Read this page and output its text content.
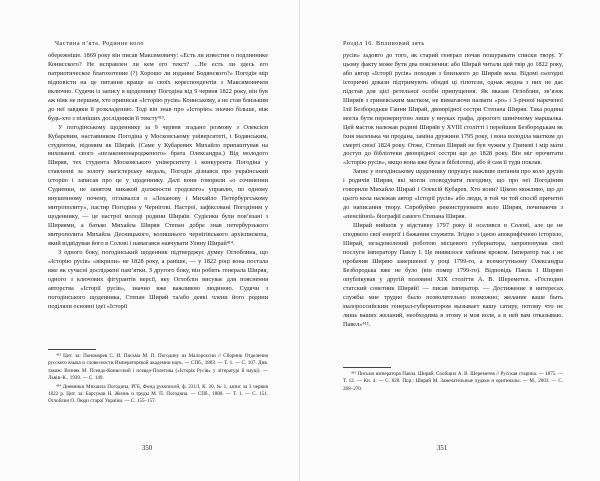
Частина п’ята. Родинне коло

обережніше. 1869 року він писав Максимовичу: «Есть ли известия о подлинникe Кониcского? Не исправлен ли кем его текст? ...Не есть ли здесь его патриотическое благохотение (?) Хорошо ли издание Бодянского?» Погодін мір відповісти на це питання краще за своїх кореспондентів з Максимовичем включно. Судячи із запису в щоденнику Погодіна від 9 червня 1822 року, він був аж ніяк не першим, хто приписав «Історію русів» Кониському, а не став близьким до неї завдяки її розкладенню. Тоді він знав про «Історію» значно більше, ніж будь-хто з пізніших дослідників її тексту⁴¹³.

У погодінському щоденнику за 9 червня згадано розмову з Олексієм Кубаревим, наставником Погодіна у Московському університеті, і Бодянським, студентом, відомим як Ширяй. (Саме у Кубаревих Михайло припаштував на вихованні свого «незаконнонародженого» брата Олександра.) Від молодого Ширяя, тех студента Московського університету і конкурента Погодіна у ставленні за золоту магістерську медаль, Погодін дізнався про український історію і записав про це у щоденнику. Далі вони говорили «о сочинении Судиенки, не занятом никакой должности гродского» управлю, по одному внушенному почему, отзывался о «Лоханову і Михайло Петербургському митрополиту», пастир Погодіна у Чернігові. Настрої, зафіксовані Погодіним у щоденнику, — це настрої молоді родини Ширяїв. Судієнки були пов’язані з Ширяями, а батько Михайла Ширяя Степан добре знав петербурзького митрополита Михайла Десницького, колишнього чернігівського архієпископа, який відвідував його в Солові і намагався навчувати Уляну Ширай⁴¹⁴.

З одного боку, погодінський щоденник підтверджує думку Оглоблина, що «Історію русів» «вікрили» не 1828 року, а раніше, — у 1822 році вона постала вже як сучасні досліджені пам’ятки. З другого боку, він робить генерала Ширяя, одного з ключових фігурантів версії, яку Оглоблін висуває для пояснення авторства «Історії русів», значно вже важливою людиною. Судячи з погодінського щоденника, Степан Ширяй та/або деякі члени його родини поділяли основні ідеї «Історії

⁴¹³ Цит. за: Пономарев С. И. Письма М. П. Погодину из Малороссии // Сборник Отделения русского языка и словесности Императорской академии наук. — СПб., 1883. — Т. 1. — С. 107. Див. також: Возняк М. Псевдо-Конисский і псевдо-Полетика («Історія Русів» у літературі й науці). — Львів–К., 1939. — С. 149.

⁴¹⁴ Дневники Михаила Погодина, РГБ, Фонд рукописей, ф. 231/I, К. 30, № 1, запис за 3 червня 1822 р. Цит. за: Барсуков Н. Жизнь и труды М. П. Погодина. — СПб., 1888. — Т. 1. — С. 151. Оглоблин О. Люди старої України. — С. 155–157.

350
Розділ 16. Впливовий зять

русів» задовго до того, як старий генерал почав пошуравати списки твору. У цьому факту може бути два пояснення: або Ширай читали цей твір до 1822 року, або автор «Історії русів» походив з близького до Ширяїв кола. Відомі сьогодні історичні докази підтримують обидві ці гіпотези, однак жодна з них не дає підстав для цієї ретельної особи припущення. Як вказав Оглоблин, зв’язок Ширяїв з гриневським маєтком, не вимагаючи назвати «ро» і 3-річної нареченої Ілії Безбородьки Ганни Ширай, двоюрідної сестри Степана Ширяя. Така родина могла бути перевернутою лише у внуках графа, дорогого шинічному маршалка. Цей масток належав родині Ширяїв у XVIII столітті і перейшов Безбородькам як їхня маленька чи продана, заміна дружини 1795 року, і вона володіла маєтком до смерті своєї 1824 року. Отже, Степан Ширяй не був чужим у Гриневі і мір мати доступ до бібліотеки двоюрідної сестри ще до 1828 року. Він міг прочитати «Історію русів», якщо вона вже була в бібліотеці, або й сам її туди поклав.

Запис у погодінському щоденнику порушує важливе питання про коло друзів і родичів Ширяя, які могли споводувати погодину, що про неї Погодіним говорили Михайло Ширай і Олексій Кубарев. Хто вони? Цікою можливо, що до цього кола належав автор «Історії русів» або люди, в той чи той спосіб причетні до написання твору. Спробуймо реконструювати коло Ширяя, починаючи з «пенсійної» біографії самого Степана Ширяя.

Ширай вийшов у відставку 1797 року й оселився в Солові, але це не сподвило свої енергії і бажання служити. Згідно з ідеєю апокрифічною історією, Ширай, незадоволений роботою місцевого губернатора, запропонував свої послуги імператору Павлу І. Це виявилося хибним кроком. Імператор так і не пробачив Ширяю завершеної у році 1799-го, а всемогутньому Олександра Безбородька вже не було (він помер 1799-го). Відповідь Павла І Ширяю опублікував у другій половині XIX століття А. В. Шереметєв. «Господин статский советник Ширяй! — писав імператор. — Достижение в интересах службы мне трудно было позволительно возможно; желание ваше быть малороссийским генерал-губернатором вызывает вашу сатиру, потому что не лишь ваших желаний, необходима в этому и моя воля, а в ней вам отказываю. Павел»⁴¹⁵.

⁴¹⁵ Письмо императора Павла. Ширяй. Сообщил А. В. Шереметев // Русская старина. — 1875. — Т. 12. — Кн. 4. — С. 820. Пор.: Ширяй М. Замечательные чудаки и оригиналы. — М., 2003. — С. 268–270.

351
